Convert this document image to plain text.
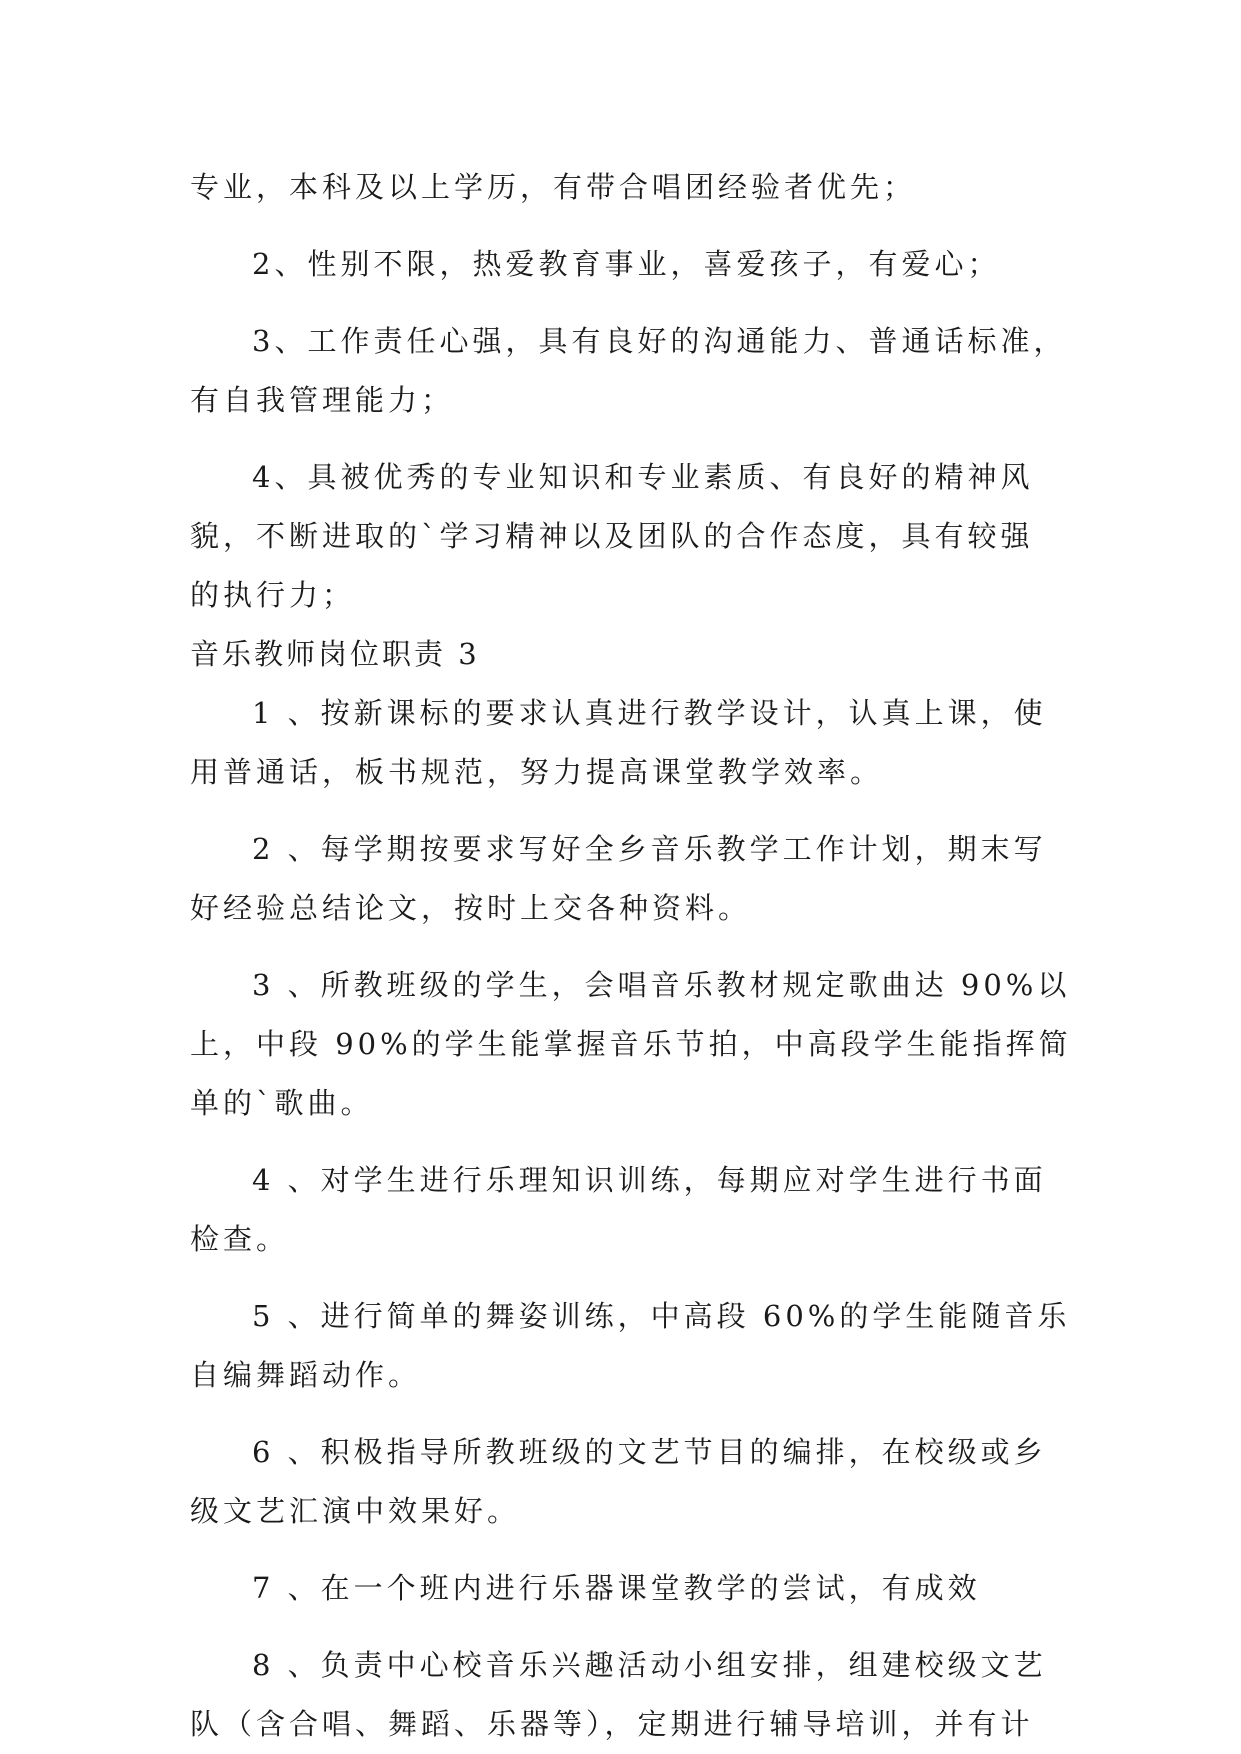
专业，本科及以上学历，有带合唱团经验者优先；
2、性别不限，热爱教育事业，喜爱孩子，有爱心；
3、工作责任心强，具有良好的沟通能力、普通话标准，
有自我管理能力；
4、具被优秀的专业知识和专业素质、有良好的精神风
貌，不断进取的`学习精神以及团队的合作态度，具有较强
的执行力；
音乐教师岗位职责 3
1 、按新课标的要求认真进行教学设计，认真上课，使
用普通话，板书规范，努力提高课堂教学效率。
2 、每学期按要求写好全乡音乐教学工作计划，期末写
好经验总结论文，按时上交各种资料。
3 、所教班级的学生，会唱音乐教材规定歌曲达 90%以
上，中段 90%的学生能掌握音乐节拍，中高段学生能指挥简
单的`歌曲。
4 、对学生进行乐理知识训练，每期应对学生进行书面
检查。
5 、进行简单的舞姿训练，中高段 60%的学生能随音乐
自编舞蹈动作。
6 、积极指导所教班级的文艺节目的编排，在校级或乡
级文艺汇演中效果好。
7 、在一个班内进行乐器课堂教学的尝试，有成效
8 、负责中心校音乐兴趣活动小组安排，组建校级文艺
队（含合唱、舞蹈、乐器等），定期进行辅导培训，并有计
